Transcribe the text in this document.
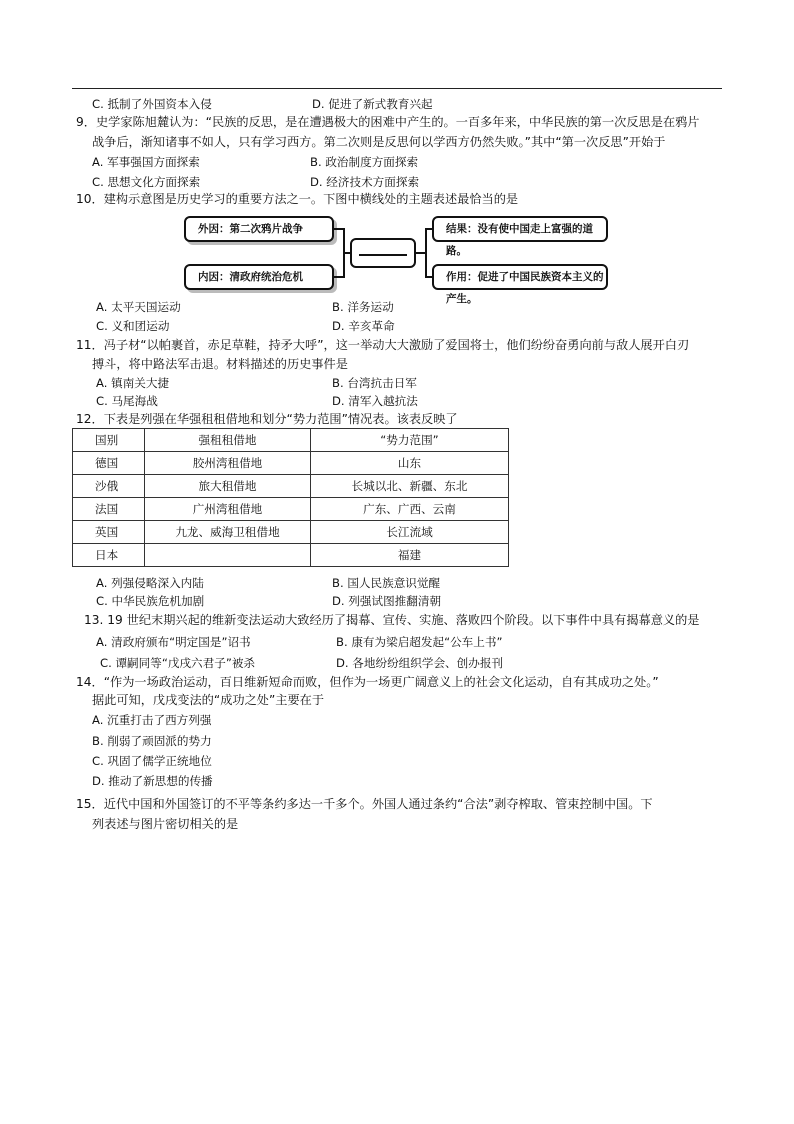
C. 抵制了外国资本入侵	D. 促进了新式教育兴起
9．史学家陈旭麓认为：“民族的反思，是在遭遇极大的困难中产生的。一百多年来，中华民族的第一次反思是在鸦片
战争后，渐知诸事不如人，只有学习西方。第二次则是反思何以学西方仍然失败。”其中“第一次反思”开始于
A. 军事强国方面探索	B. 政治制度方面探索
C. 思想文化方面探索	D. 经济技术方面探索
10．建构示意图是历史学习的重要方法之一。下图中横线处的主题表述最恰当的是
外因：第二次鸦片战争
内因：清政府统治危机
结果：没有使中国走上富强的道路。
作用：促进了中国民族资本主义的产生。
A. 太平天国运动	B. 洋务运动
C. 义和团运动	D. 辛亥革命
11．冯子材“以帕裹首，赤足草鞋，持矛大呼”，这一举动大大激励了爱国将士，他们纷纷奋勇向前与敌人展开白刃
搏斗，将中路法军击退。材料描述的历史事件是
A. 镇南关大捷	B. 台湾抗击日军
C. 马尾海战	D. 清军入越抗法
12．下表是列强在华强租租借地和划分“势力范围”情况表。该表反映了
国别	强租租借地	“势力范围”
德国	胶州湾租借地	山东
沙俄	旅大租借地	长城以北、新疆、东北
法国	广州湾租借地	广东、广西、云南
英国	九龙、威海卫租借地	长江流域
日本		福建
A. 列强侵略深入内陆	B. 国人民族意识觉醒
C. 中华民族危机加剧	D. 列强试图推翻清朝
13. 19 世纪末期兴起的维新变法运动大致经历了揭幕、宣传、实施、落败四个阶段。以下事件中具有揭幕意义的是
A. 清政府颁布“明定国是”诏书	B. 康有为梁启超发起“公车上书”
C. 谭嗣同等“戊戌六君子”被杀	D. 各地纷纷组织学会、创办报刊
14．“作为一场政治运动，百日维新短命而败，但作为一场更广阔意义上的社会文化运动，自有其成功之处。”
据此可知，戊戌变法的“成功之处”主要在于
A. 沉重打击了西方列强
B. 削弱了顽固派的势力
C. 巩固了儒学正统地位
D. 推动了新思想的传播
15．近代中国和外国签订的不平等条约多达一千多个。外国人通过条约“合法”剥夺榨取、管束控制中国。下
列表述与图片密切相关的是
